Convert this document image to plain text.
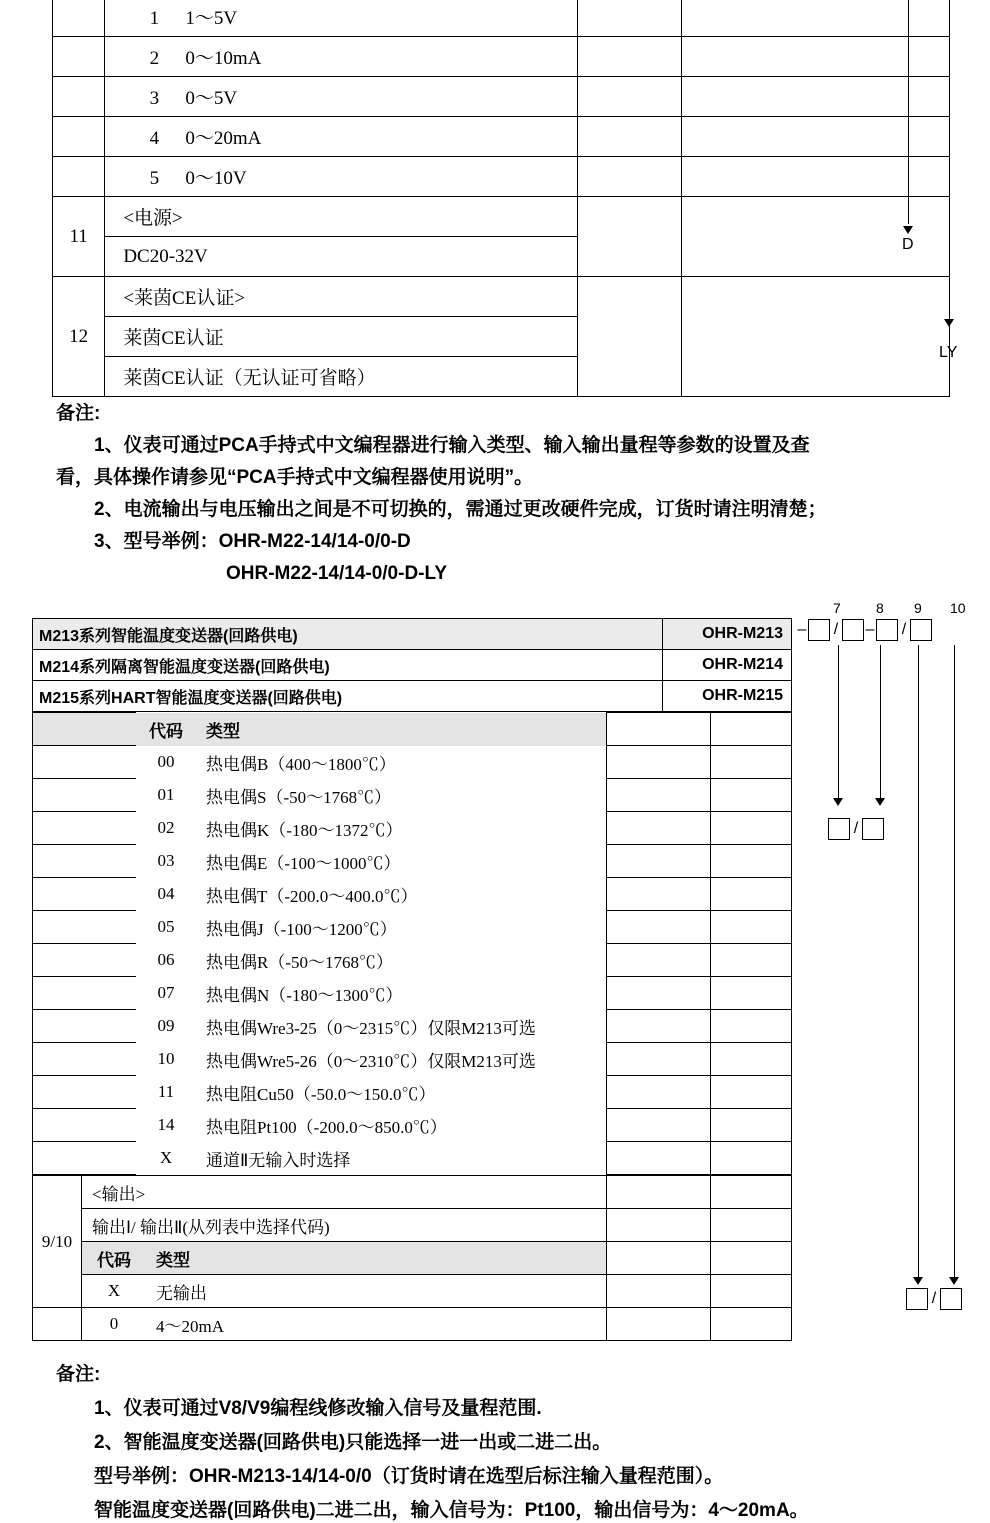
	1 1～5V		
	2 0～10mA		
	3 0～5V		
	4 0～20mA		
	5 0～10V		
11	<电源>		
	DC20-32V		
12	<莱茵CE认证>		
	莱茵CE认证		
	莱茵CE认证（无认证可省略）		
D
LY
备注:
1、仪表可通过PCA手持式中文编程器进行输入类型、输入输出量程等参数的设置及查
看，具体操作请参见“PCA手持式中文编程器使用说明”。
2、电流输出与电压输出之间是不可切换的，需通过更改硬件完成，订货时请注明清楚；
3、型号举例：OHR-M22-14/14-0/0-D
OHR-M22-14/14-0/0-D-LY
M213系列智能温度变送器(回路供电)	OHR-M213
M214系列隔离智能温度变送器(回路供电)	OHR-M214
M215系列HART智能温度变送器(回路供电)	OHR-M215
	代码	类型		
	00	热电偶B（400～1800℃）		
	01	热电偶S（-50～1768℃）		
	02	热电偶K（-180～1372℃）		
	03	热电偶E（-100～1000℃）		
	04	热电偶T（-200.0～400.0℃）		
	05	热电偶J（-100～1200℃）		
	06	热电偶R（-50～1768℃）		
	07	热电偶N（-180～1300℃）		
	09	热电偶Wre3-25（0～2315℃）仅限M213可选		
	10	热电偶Wre5-26（0～2310℃）仅限M213可选		
	11	热电阻Cu50（-50.0～150.0℃）		
	14	热电阻Pt100（-200.0～850.0℃）		
	X	通道Ⅱ无输入时选择		
9/10	<输出>			
	输出Ⅰ/ 输出Ⅱ(从列表中选择代码)			
	代码	类型		
	X	无输出		
	0	4～20mA		
7	8 9 10
– / – /
/
/
备注:
1、仪表可通过V8/V9编程线修改输入信号及量程范围.
2、智能温度变送器(回路供电)只能选择一进一出或二进二出。
型号举例：OHR-M213-14/14-0/0（订货时请在选型后标注输入量程范围）。
智能温度变送器(回路供电)二进二出，输入信号为：Pt100，输出信号为：4～20mA。
